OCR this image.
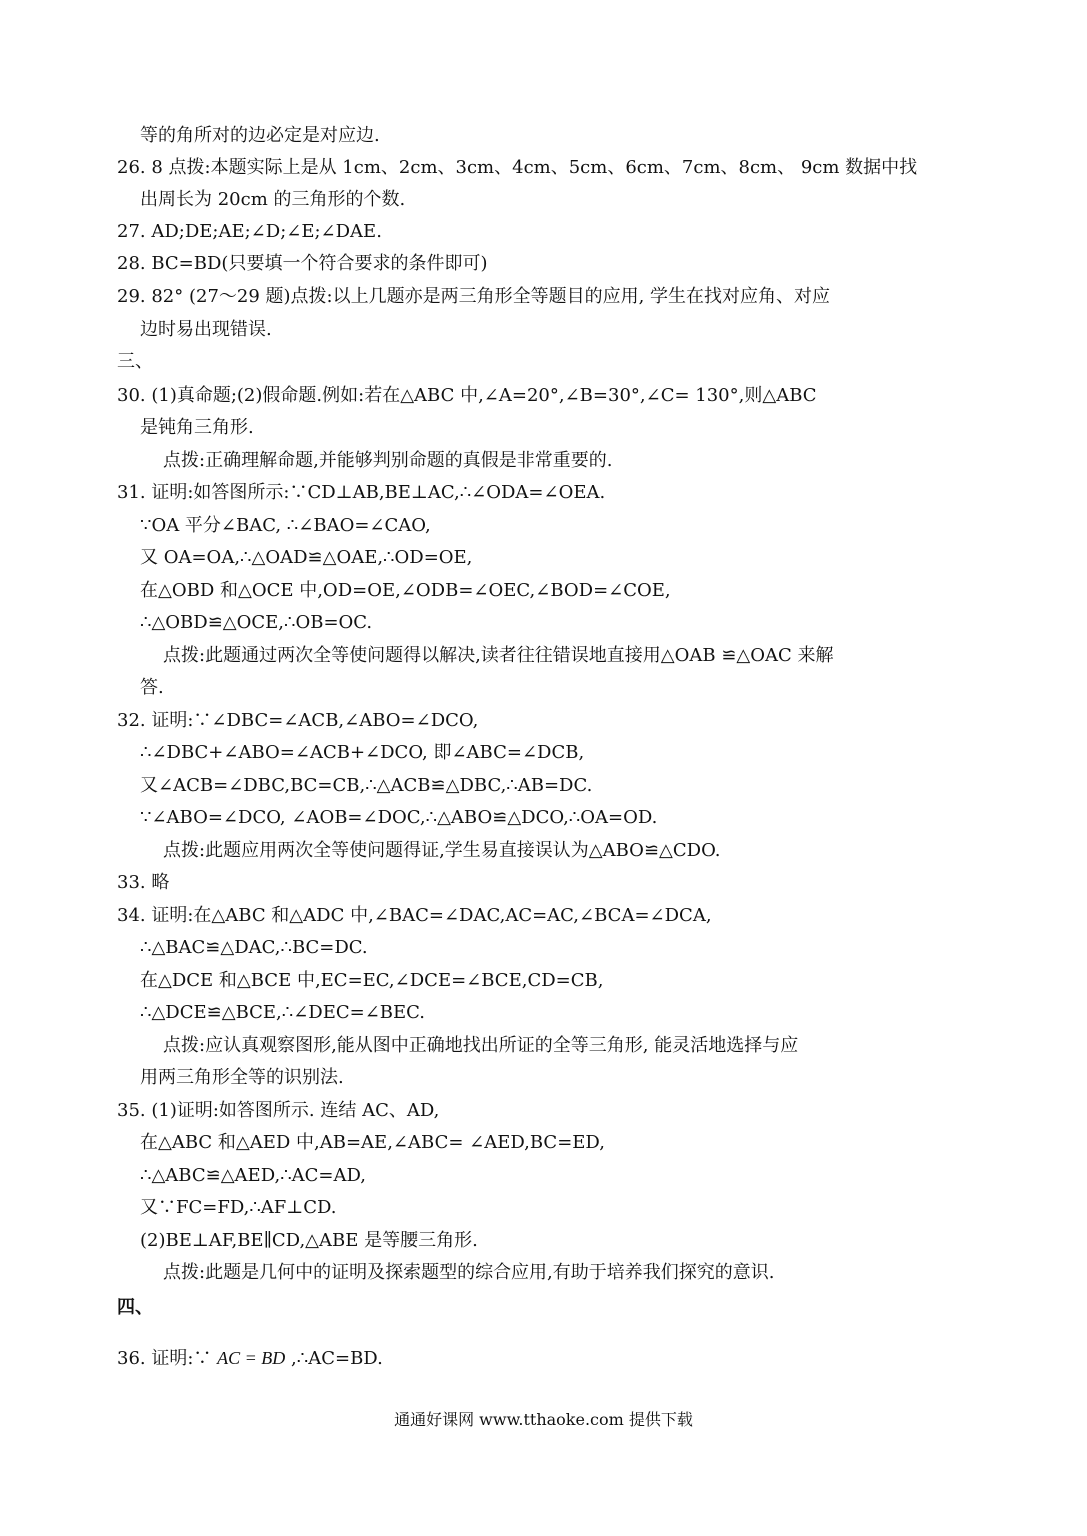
等的角所对的边必定是对应边.
26. 8 点拨:本题实际上是从 1cm、2cm、3cm、4cm、5cm、6cm、7cm、8cm、 9cm 数据中找
出周长为 20cm 的三角形的个数.
27. AD;DE;AE;∠D;∠E;∠DAE.
28. BC=BD(只要填一个符合要求的条件即可)
29. 82° (27～29 题)点拨:以上几题亦是两三角形全等题目的应用, 学生在找对应角、对应
边时易出现错误.
三、
30. (1)真命题;(2)假命题.例如:若在△ABC 中,∠A=20°,∠B=30°,∠C= 130°,则△ABC
是钝角三角形.
点拨:正确理解命题,并能够判别命题的真假是非常重要的.
31. 证明:如答图所示:∵CD⊥AB,BE⊥AC,∴∠ODA=∠OEA.
∵OA 平分∠BAC, ∴∠BAO=∠CAO,
又 OA=OA,∴△OAD≌△OAE,∴OD=OE,
在△OBD 和△OCE 中,OD=OE,∠ODB=∠OEC,∠BOD=∠COE,
∴△OBD≌△OCE,∴OB=OC.
点拨:此题通过两次全等使问题得以解决,读者往往错误地直接用△OAB ≌△OAC 来解
答.
32. 证明:∵∠DBC=∠ACB,∠ABO=∠DCO,
∴∠DBC+∠ABO=∠ACB+∠DCO, 即∠ABC=∠DCB,
又∠ACB=∠DBC,BC=CB,∴△ACB≌△DBC,∴AB=DC.
∵∠ABO=∠DCO, ∠AOB=∠DOC,∴△ABO≌△DCO,∴OA=OD.
点拨:此题应用两次全等使问题得证,学生易直接误认为△ABO≌△CDO.
33. 略
34. 证明:在△ABC 和△ADC 中,∠BAC=∠DAC,AC=AC,∠BCA=∠DCA,
∴△BAC≌△DAC,∴BC=DC.
在△DCE 和△BCE 中,EC=EC,∠DCE=∠BCE,CD=CB,
∴△DCE≌△BCE,∴∠DEC=∠BEC.
点拨:应认真观察图形,能从图中正确地找出所证的全等三角形, 能灵活地选择与应
用两三角形全等的识别法.
35. (1)证明:如答图所示. 连结 AC、AD,
在△ABC 和△AED 中,AB=AE,∠ABC= ∠AED,BC=ED,
∴△ABC≌△AED,∴AC=AD,
又∵FC=FD,∴AF⊥CD.
(2)BE⊥AF,BE∥CD,△ABE 是等腰三角形.
点拨:此题是几何中的证明及探索题型的综合应用,有助于培养我们探究的意识.
四、
36. 证明:∵ AC = BD ,∴AC=BD.
通通好课网 www.tthaoke.com 提供下载
